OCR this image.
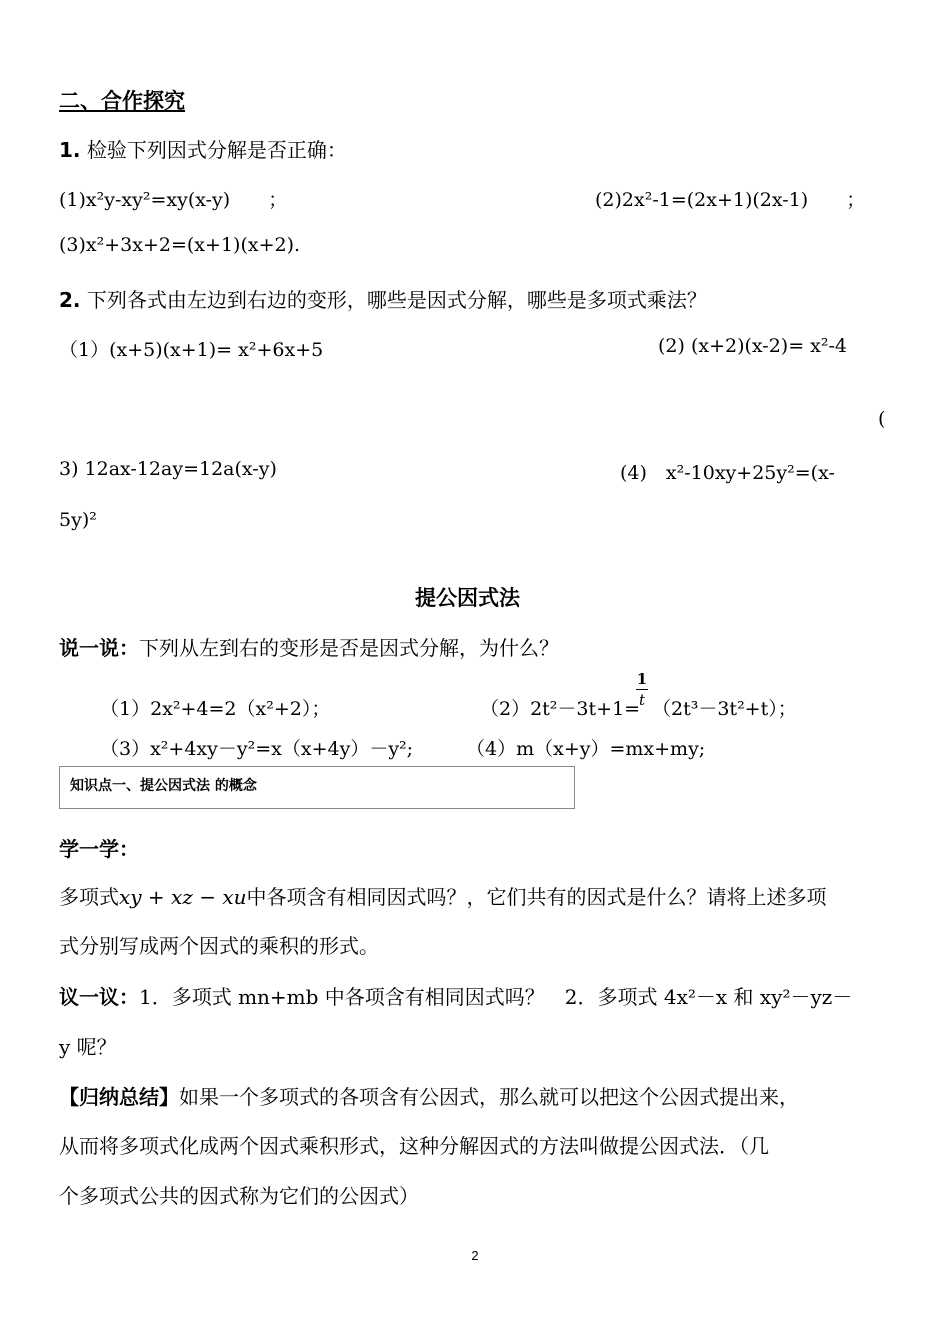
二、合作探究
1. 检验下列因式分解是否正确：
(1)x²y-xy²=xy(x-y)　　；	(2)2x²-1=(2x+1)(2x-1)　　；
(3)x²+3x+2=(x+1)(x+2).
2. 下列各式由左边到右边的变形，哪些是因式分解，哪些是多项式乘法？
（1）(x+5)(x+1)= x²+6x+5	(2) (x+2)(x-2)= x²-4
(
3) 12ax-12ay=12a(x-y)	(4)　x²-10xy+25y²=(x-
5y)²
提公因式法
说一说：下列从左到右的变形是否是因式分解，为什么？
（1）2x²+4=2（x²+2）；	（2）2t²－3t+1=
1
t （2t³－3t²+t）；
（3）x²+4xy－y²=x（x+4y）－y²;	（4）m（x+y）=mx+my;
知识点一、提公因式法 的概念
学一学：
多项式xy + xz − xu中各项含有相同因式吗？，它们共有的因式是什么？请将上述多项
式分别写成两个因式的乘积的形式。
议一议：1．多项式 mn+mb 中各项含有相同因式吗？　2．多项式 4x²－x 和 xy²－yz－
y 呢？
【归纳总结】如果一个多项式的各项含有公因式，那么就可以把这个公因式提出来，
从而将多项式化成两个因式乘积形式，这种分解因式的方法叫做提公因式法．（几
个多项式公共的因式称为它们的公因式）
2
